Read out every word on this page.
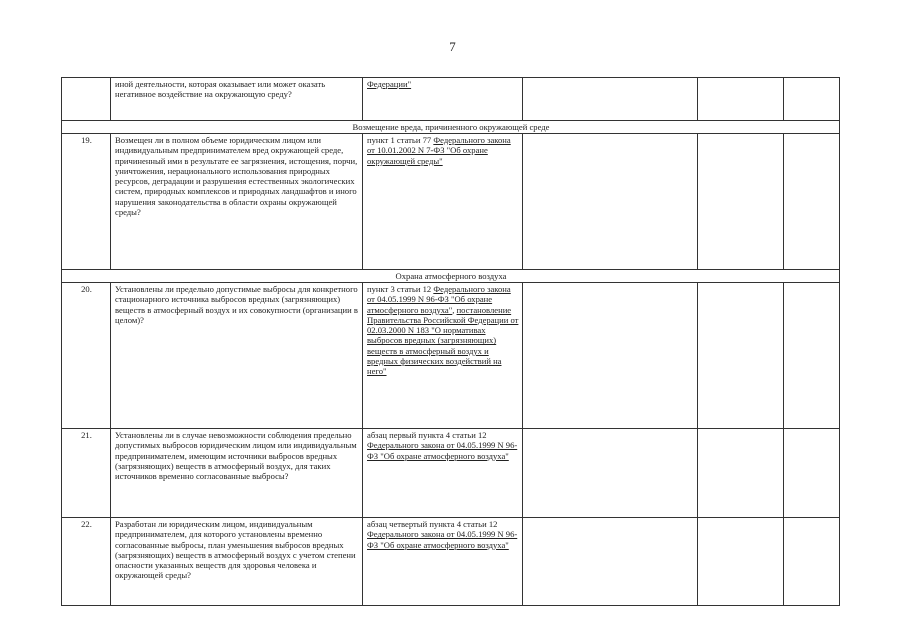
7
	иной деятельности, которая оказывает или может оказать негативное воздействие на окружающую среду?	Федерации"			
Возмещение вреда, причиненного окружающей среде					
19.	Возмещен ли в полном объеме юридическим лицом или индивидуальным предпринимателем вред окружающей среде, причиненный ими в результате ее загрязнения, истощения, порчи, уничтожения, нерационального использования природных ресурсов, деградации и разрушения естественных экологических систем, природных комплексов и природных ландшафтов и иного нарушения законодательства в области охраны окружающей среды?	пункт 1 статьи 77 Федерального закона от 10.01.2002 N 7-ФЗ "Об охране окружающей среды"			
Охрана атмосферного воздуха					
20.	Установлены ли предельно допустимые выбросы для конкретного стационарного источника выбросов вредных (загрязняющих) веществ в атмосферный воздух и их совокупности (организации в целом)?	пункт 3 статьи 12 Федерального закона от 04.05.1999 N 96-ФЗ "Об охране атмосферного воздуха", постановление Правительства Российской Федерации от 02.03.2000 N 183 "О нормативах выбросов вредных (загрязняющих) веществ в атмосферный воздух и вредных физических воздействий на него"			
21.	Установлены ли в случае невозможности соблюдения предельно допустимых выбросов юридическим лицом или индивидуальным предпринимателем, имеющим источники выбросов вредных (загрязняющих) веществ в атмосферный воздух, для таких источников временно согласованные выбросы?	абзац первый пункта 4 статьи 12 Федерального закона от 04.05.1999 N 96-ФЗ "Об охране атмосферного воздуха"			
22.	Разработан ли юридическим лицом, индивидуальным предпринимателем, для которого установлены временно согласованные выбросы, план уменьшения выбросов вредных (загрязняющих) веществ в атмосферный воздух с учетом степени опасности указанных веществ для здоровья человека и окружающей среды?	абзац четвертый пункта 4 статьи 12 Федерального закона от 04.05.1999 N 96-ФЗ "Об охране атмосферного воздуха"			
